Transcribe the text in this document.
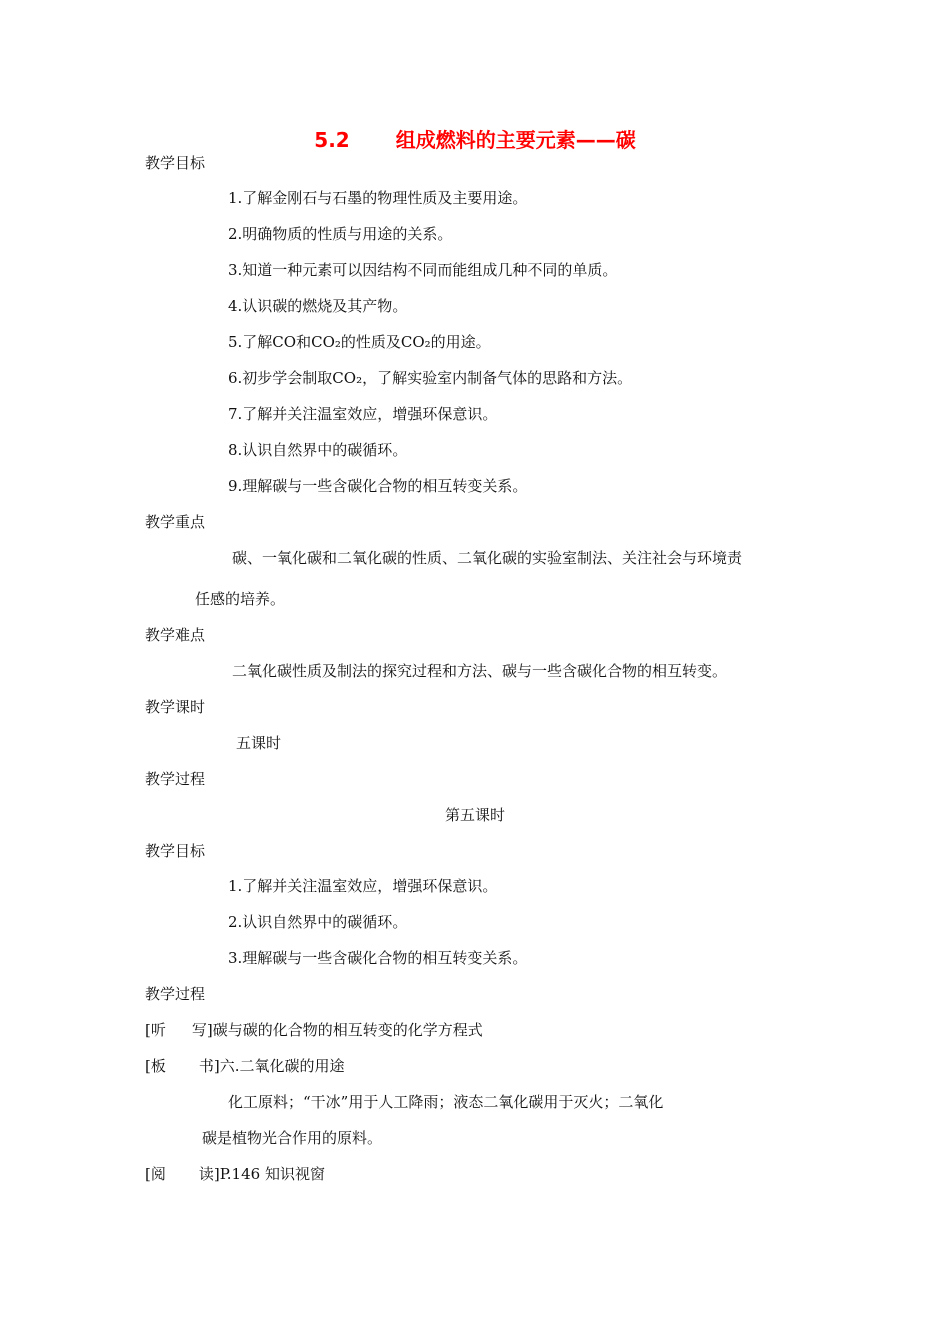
5.2 组成燃料的主要元素——碳
教学目标
1.了解金刚石与石墨的物理性质及主要用途。
2.明确物质的性质与用途的关系。
3.知道一种元素可以因结构不同而能组成几种不同的单质。
4.认识碳的燃烧及其产物。
5.了解CO和CO₂的性质及CO₂的用途。
6.初步学会制取CO₂，了解实验室内制备气体的思路和方法。
7.了解并关注温室效应，增强环保意识。
8.认识自然界中的碳循环。
9.理解碳与一些含碳化合物的相互转变关系。
教学重点
碳、一氧化碳和二氧化碳的性质、二氧化碳的实验室制法、关注社会与环境责
任感的培养。
教学难点
二氧化碳性质及制法的探究过程和方法、碳与一些含碳化合物的相互转变。
教学课时
五课时
教学过程
第五课时
教学目标
1.了解并关注温室效应，增强环保意识。
2.认识自然界中的碳循环。
3.理解碳与一些含碳化合物的相互转变关系。
教学过程
[听 写]碳与碳的化合物的相互转变的化学方程式
[板 书]六.二氧化碳的用途
化工原料；“干冰”用于人工降雨；液态二氧化碳用于灭火；二氧化
碳是植物光合作用的原料。
[阅 读]P.146 知识视窗
